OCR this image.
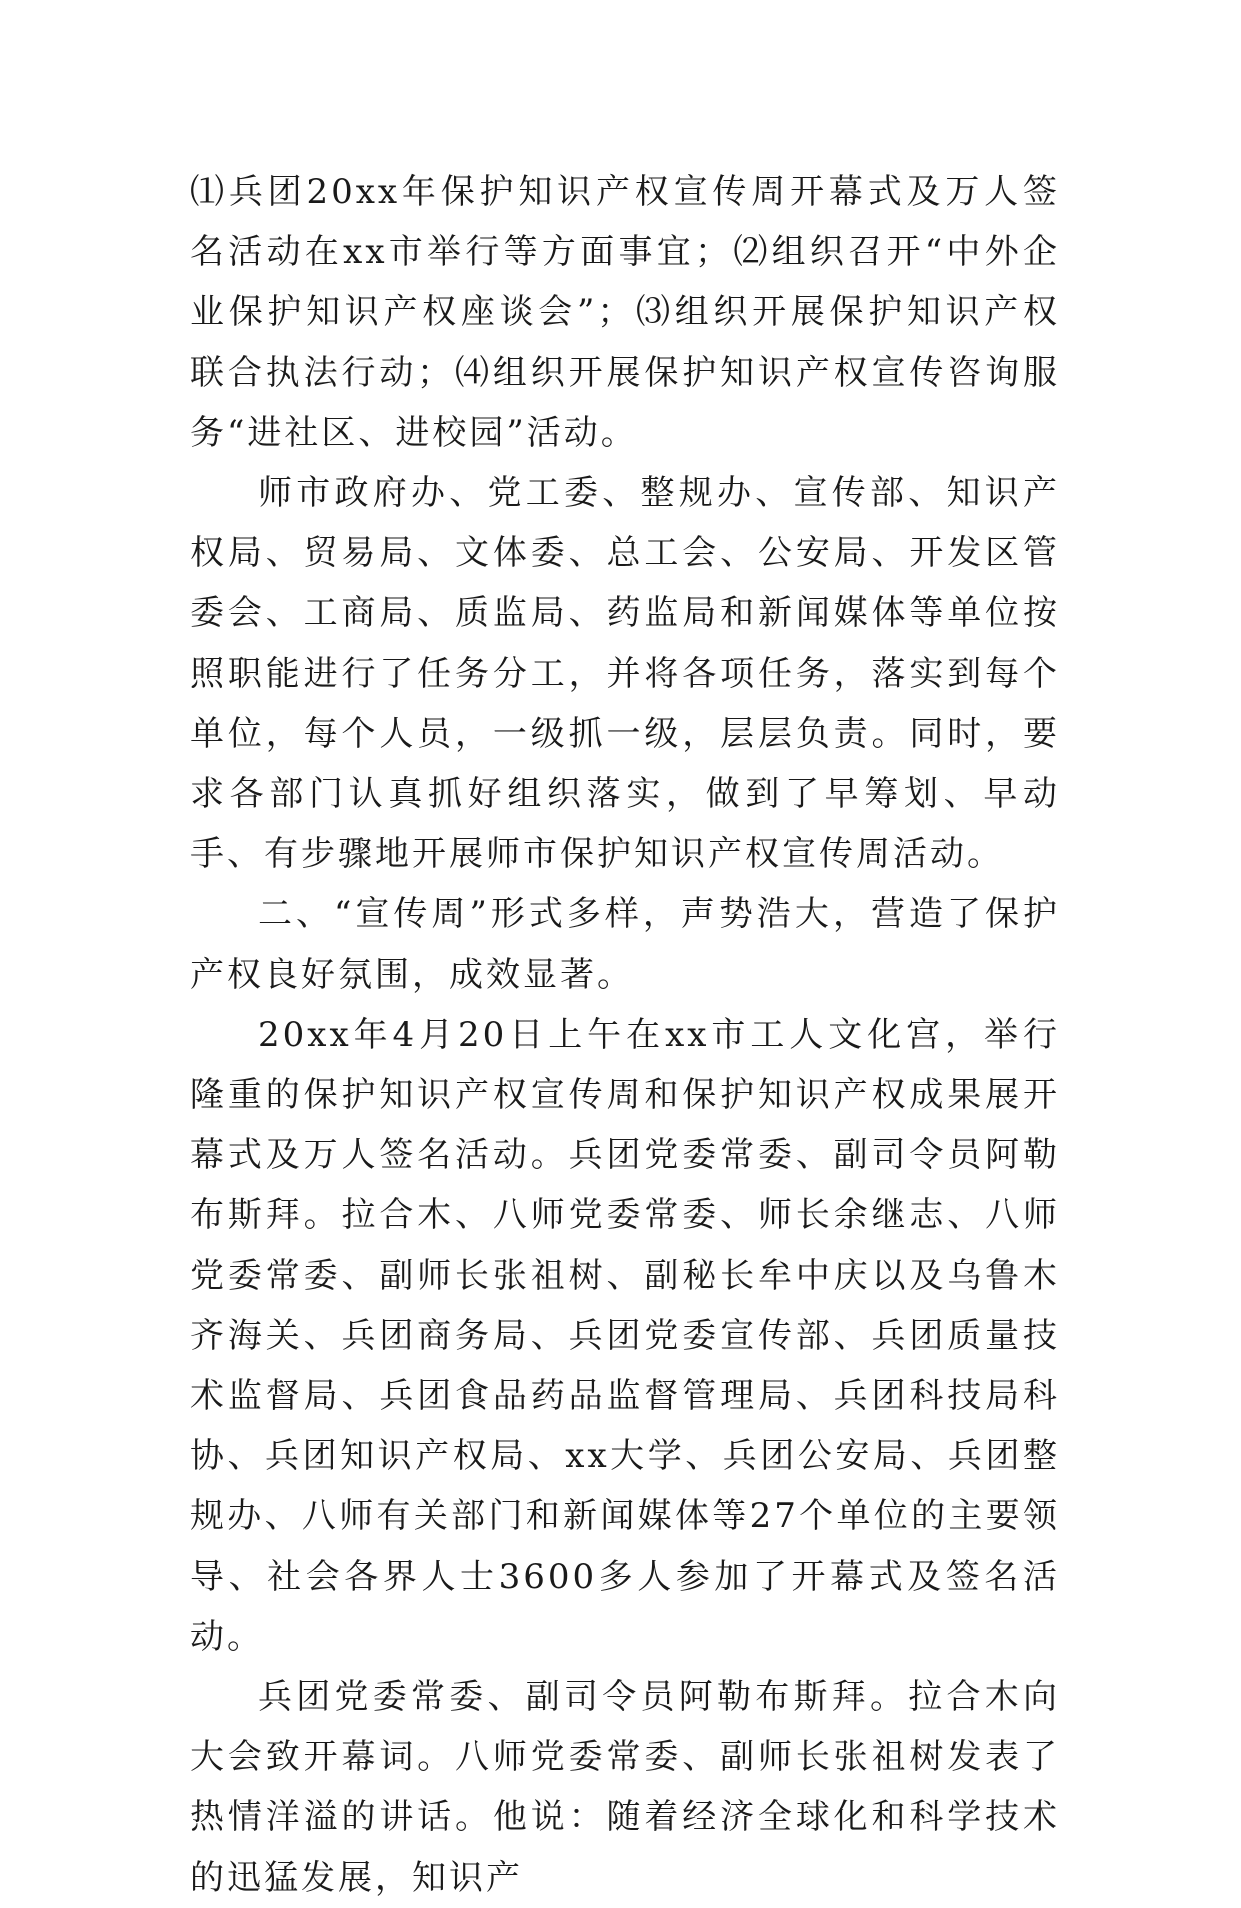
⑴兵团20xx年保护知识产权宣传周开幕式及万人签名活动在xx市举行等方面事宜；⑵组织召开“中外企业保护知识产权座谈会”；⑶组织开展保护知识产权联合执法行动；⑷组织开展保护知识产权宣传咨询服务“进社区、进校园”活动。

师市政府办、党工委、整规办、宣传部、知识产权局、贸易局、文体委、总工会、公安局、开发区管委会、工商局、质监局、药监局和新闻媒体等单位按照职能进行了任务分工，并将各项任务，落实到每个单位，每个人员，一级抓一级，层层负责。同时，要求各部门认真抓好组织落实，做到了早筹划、早动手、有步骤地开展师市保护知识产权宣传周活动。

二、“宣传周”形式多样，声势浩大，营造了保护产权良好氛围，成效显著。

20xx年4月20日上午在xx市工人文化宫，举行隆重的保护知识产权宣传周和保护知识产权成果展开幕式及万人签名活动。兵团党委常委、副司令员阿勒布斯拜。拉合木、八师党委常委、师长余继志、八师党委常委、副师长张祖树、副秘长牟中庆以及乌鲁木齐海关、兵团商务局、兵团党委宣传部、兵团质量技术监督局、兵团食品药品监督管理局、兵团科技局科协、兵团知识产权局、xx大学、兵团公安局、兵团整规办、八师有关部门和新闻媒体等27个单位的主要领导、社会各界人士3600多人参加了开幕式及签名活动。

兵团党委常委、副司令员阿勒布斯拜。拉合木向大会致开幕词。八师党委常委、副师长张祖树发表了热情洋溢的讲话。他说：随着经济全球化和科学技术的迅猛发展，知识产
